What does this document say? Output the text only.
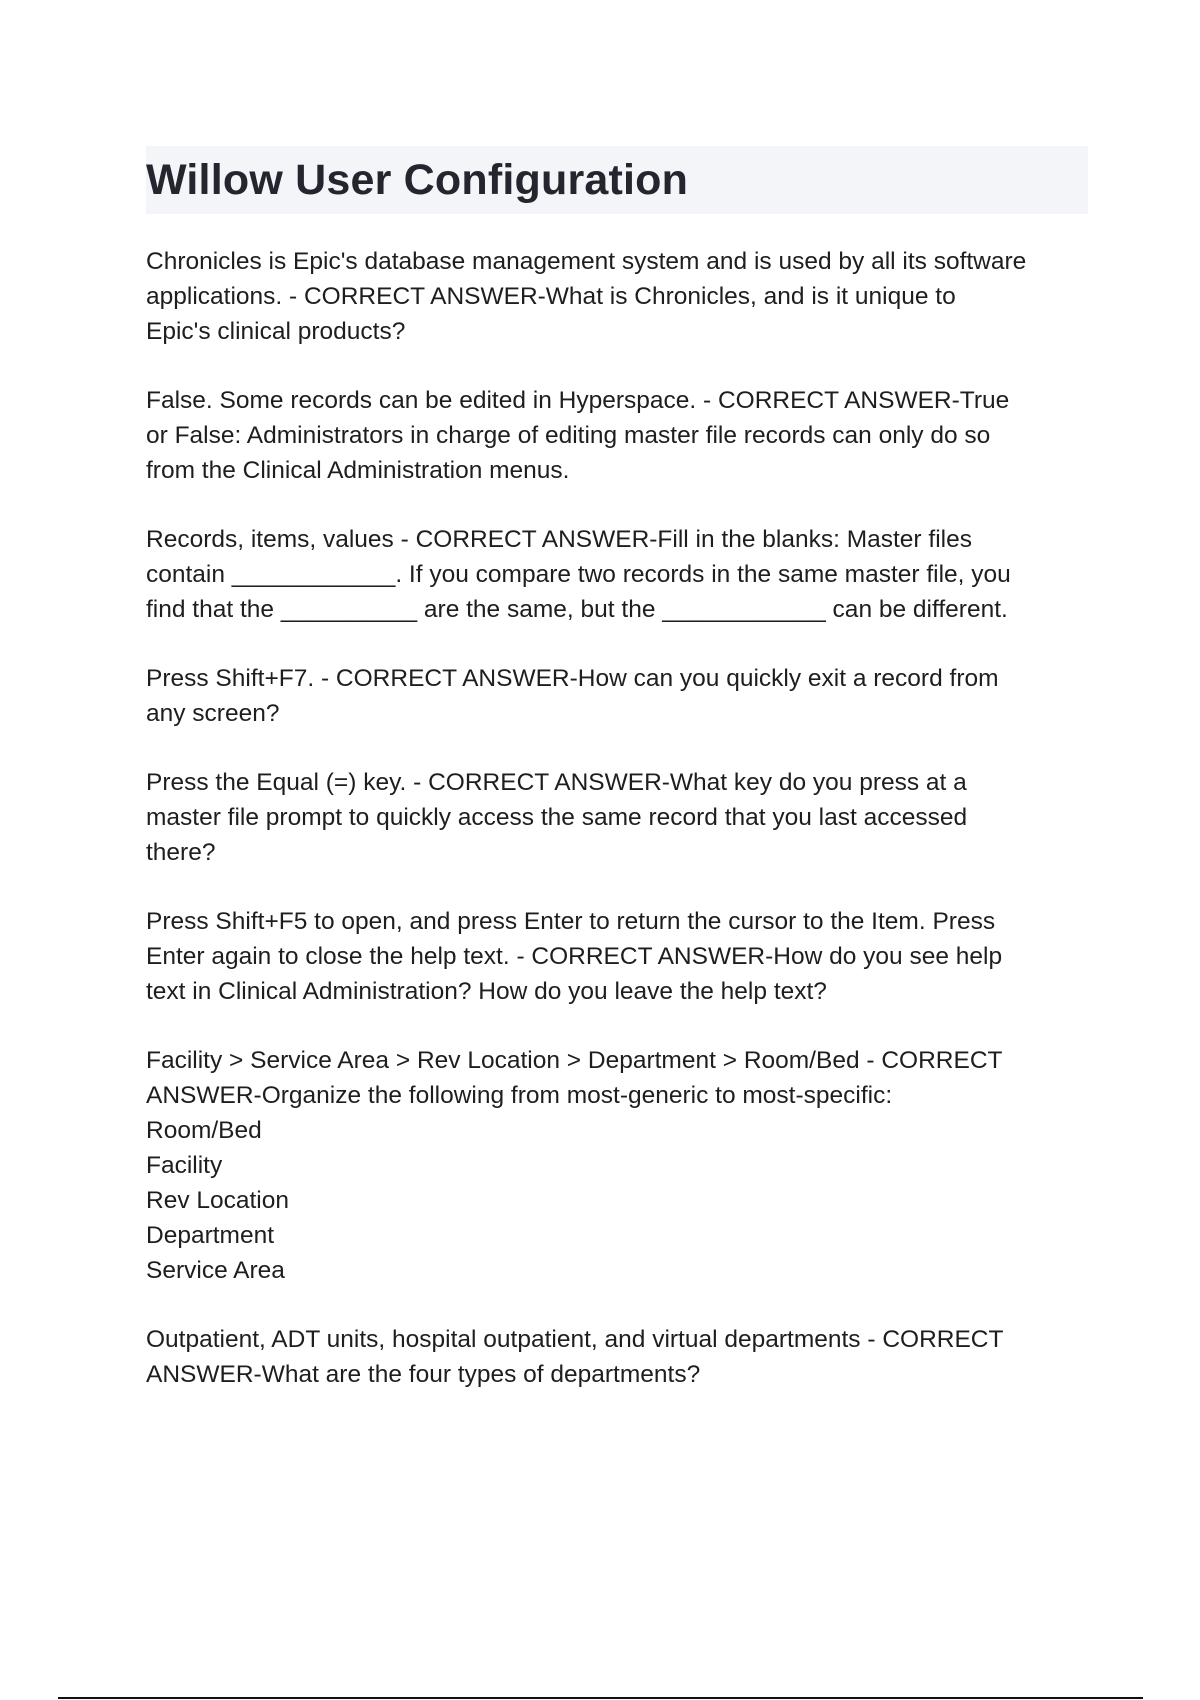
Willow User Configuration

Chronicles is Epic's database management system and is used by all its software
applications. - CORRECT ANSWER-What is Chronicles, and is it unique to
Epic's clinical products?

False. Some records can be edited in Hyperspace. - CORRECT ANSWER-True
or False: Administrators in charge of editing master file records can only do so
from the Clinical Administration menus.

Records, items, values - CORRECT ANSWER-Fill in the blanks: Master files
contain ____________. If you compare two records in the same master file, you
find that the __________ are the same, but the ____________ can be different.

Press Shift+F7. - CORRECT ANSWER-How can you quickly exit a record from
any screen?

Press the Equal (=) key. - CORRECT ANSWER-What key do you press at a
master file prompt to quickly access the same record that you last accessed
there?

Press Shift+F5 to open, and press Enter to return the cursor to the Item. Press
Enter again to close the help text. - CORRECT ANSWER-How do you see help
text in Clinical Administration? How do you leave the help text?

Facility > Service Area > Rev Location > Department > Room/Bed - CORRECT
ANSWER-Organize the following from most-generic to most-specific:
Room/Bed
Facility
Rev Location
Department
Service Area

Outpatient, ADT units, hospital outpatient, and virtual departments - CORRECT
ANSWER-What are the four types of departments?
